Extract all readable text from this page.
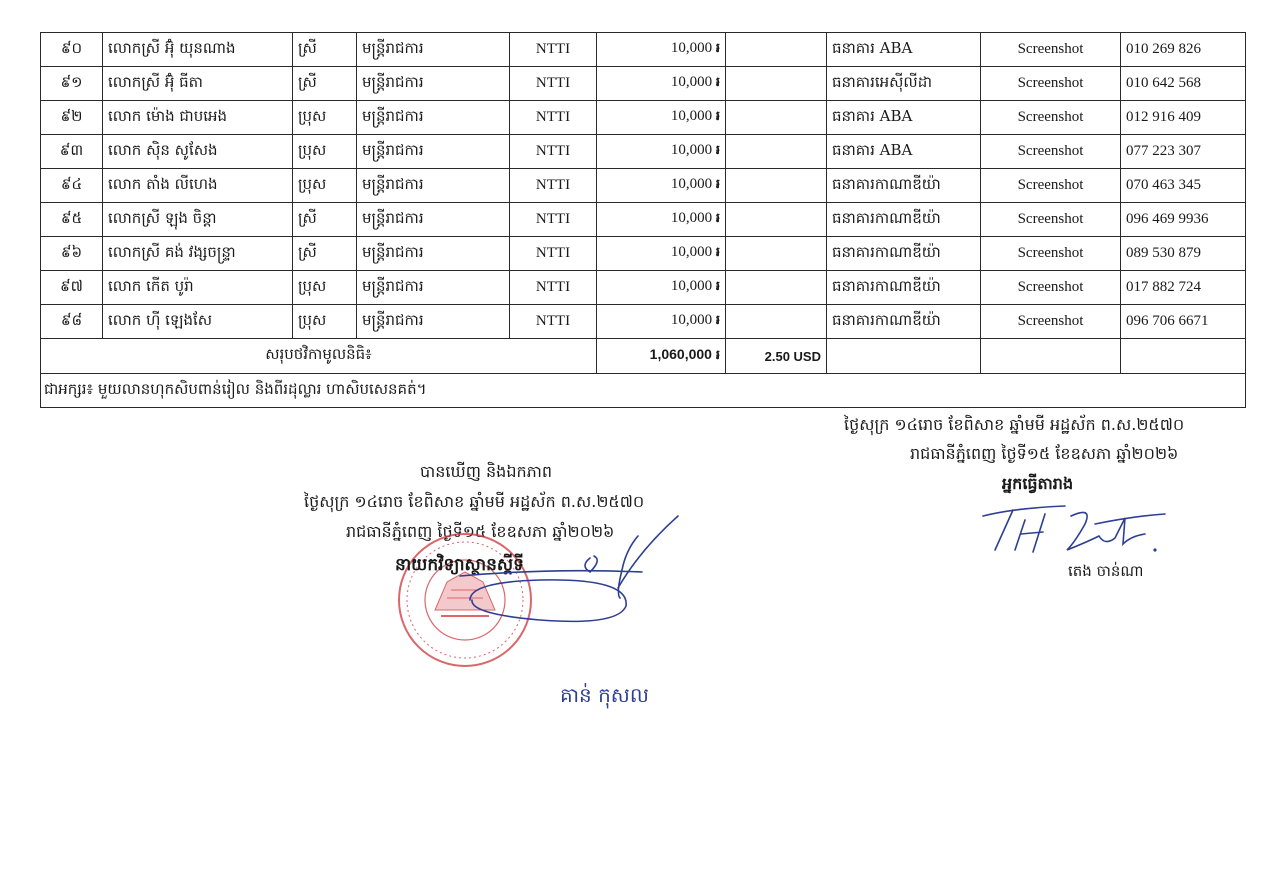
៩០	លោកស្រី អ៊ុំ យុនណាង	ស្រី	មន្ត្រីរាជការ	NTTI	10,000 ៛		ធនាគារ ABA	Screenshot	010 269 826
៩១	លោកស្រី អ៊ុំ ធីតា	ស្រី	មន្ត្រីរាជការ	NTTI	10,000 ៛		ធនាគារអេស៊ីលីដា	Screenshot	010 642 568
៩២	លោក ម៉ោង ជាបអេង	ប្រុស	មន្ត្រីរាជការ	NTTI	10,000 ៛		ធនាគារ ABA	Screenshot	012 916 409
៩៣	លោក ស៊ិន សូសែង	ប្រុស	មន្ត្រីរាជការ	NTTI	10,000 ៛		ធនាគារ ABA	Screenshot	077 223 307
៩៤	លោក តាំង លីហេង	ប្រុស	មន្ត្រីរាជការ	NTTI	10,000 ៛		ធនាគារកាណាឌីយ៉ា	Screenshot	070 463 345
៩៥	លោកស្រី ឡុង ចិន្តា	ស្រី	មន្ត្រីរាជការ	NTTI	10,000 ៛		ធនាគារកាណាឌីយ៉ា	Screenshot	096 469 9936
៩៦	លោកស្រី គង់ វង្សចន្ទ្រា	ស្រី	មន្ត្រីរាជការ	NTTI	10,000 ៛		ធនាគារកាណាឌីយ៉ា	Screenshot	089 530 879
៩៧	លោក កើត បូរ៉ា	ប្រុស	មន្ត្រីរាជការ	NTTI	10,000 ៛		ធនាគារកាណាឌីយ៉ា	Screenshot	017 882 724
៩៨	លោក ហ៊ី ឡេងសែ	ប្រុស	មន្ត្រីរាជការ	NTTI	10,000 ៛		ធនាគារកាណាឌីយ៉ា	Screenshot	096 706 6671
សរុបថវិកាមូលនិធិ៖					1,060,000 ៛	2.50 USD			
ជាអក្សរ៖ មួយលានហុកសិបពាន់រៀល និងពីរដុល្លារ ហាសិបសេនគត់។									
ថ្ងៃសុក្រ ១៤រោច ខែពិសាខ ឆ្នាំមមី អដ្ឋស័ក ព.ស.២៥៧០
រាជធានីភ្នំពេញ ថ្ងៃទី១៥ ខែឧសភា ឆ្នាំ២០២៦
អ្នកធ្វើតារាង
តេង ចាន់ណា
បានឃើញ និងឯកភាព
ថ្ងៃសុក្រ ១៤រោច ខែពិសាខ ឆ្នាំមមី អដ្ឋស័ក ព.ស.២៥៧០
រាជធានីភ្នំពេញ ថ្ងៃទី១៥ ខែឧសភា ឆ្នាំ២០២៦
នាយកវិទ្យាស្ថានស្តីទី
គាន់ កុសល
